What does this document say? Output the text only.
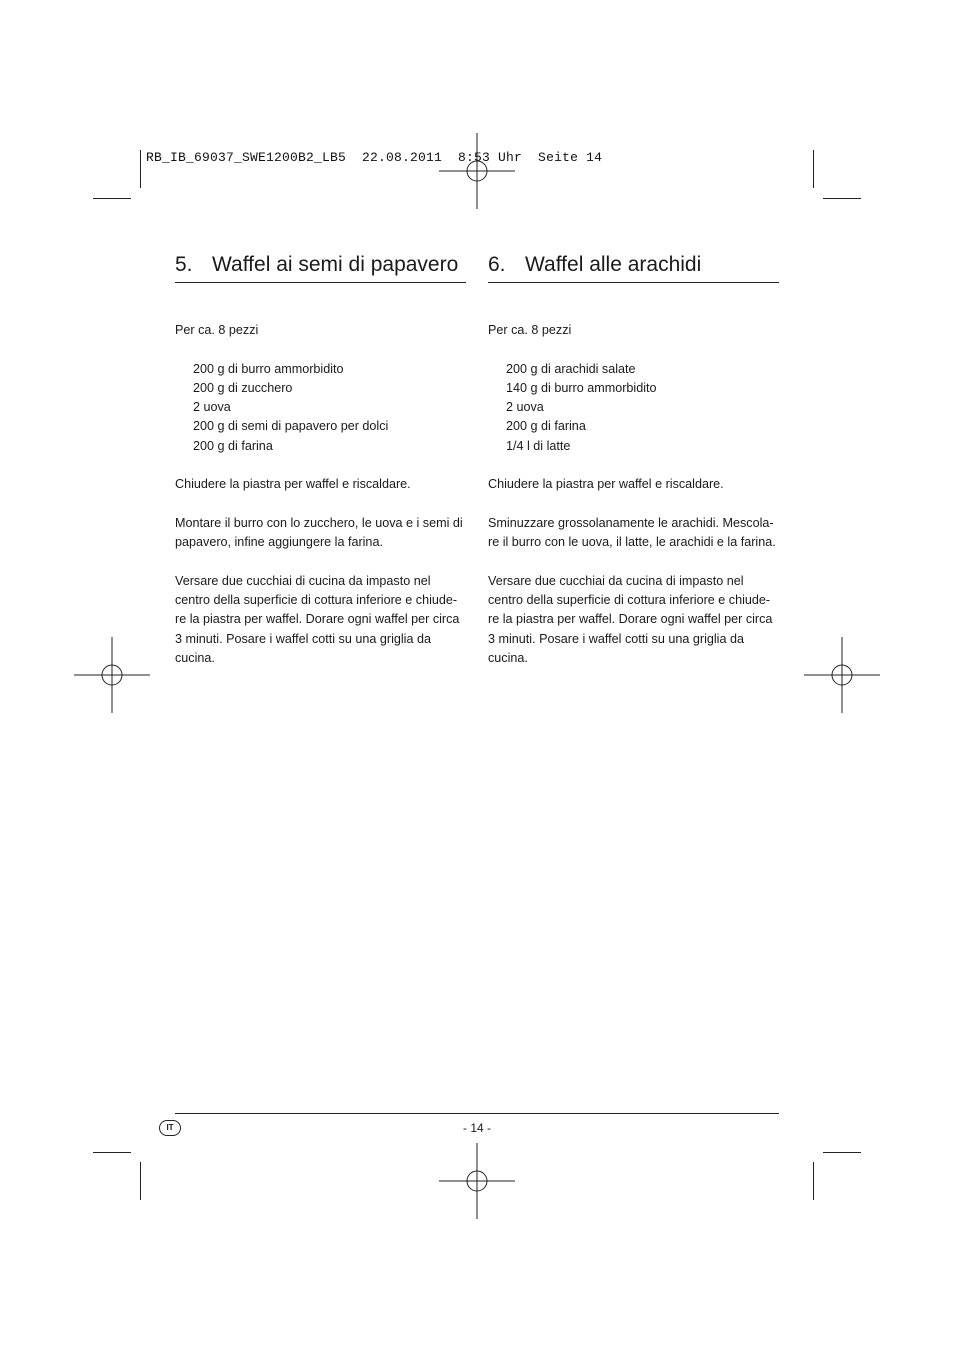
RB_IB_69037_SWE1200B2_LB5  22.08.2011  8:53 Uhr  Seite 14
5. Waffel ai semi di papavero

Per ca. 8 pezzi

200 g di burro ammorbidito
200 g di zucchero
2 uova
200 g di semi di papavero per dolci
200 g di farina

Chiudere la piastra per waffel e riscaldare.

Montare il burro con lo zucchero, le uova e i semi di papavero, infine aggiungere la farina.

Versare due cucchiai di cucina da impasto nel centro della superficie di cottura inferiore e chiude- re la piastra per waffel. Dorare ogni waffel per circa 3 minuti. Posare i waffel cotti su una griglia da cucina.

6. Waffel alle arachidi

Per ca. 8 pezzi

200 g di arachidi salate
140 g di burro ammorbidito
2 uova
200 g di farina
1/4 l di latte

Chiudere la piastra per waffel e riscaldare.

Sminuzzare grossolanamente le arachidi. Mescola- re il burro con le uova, il latte, le arachidi e la farina.

Versare due cucchiai da cucina di impasto nel centro della superficie di cottura inferiore e chiude- re la piastra per waffel. Dorare ogni waffel per circa 3 minuti. Posare i waffel cotti su una griglia da cucina.

IT	- 14 -
